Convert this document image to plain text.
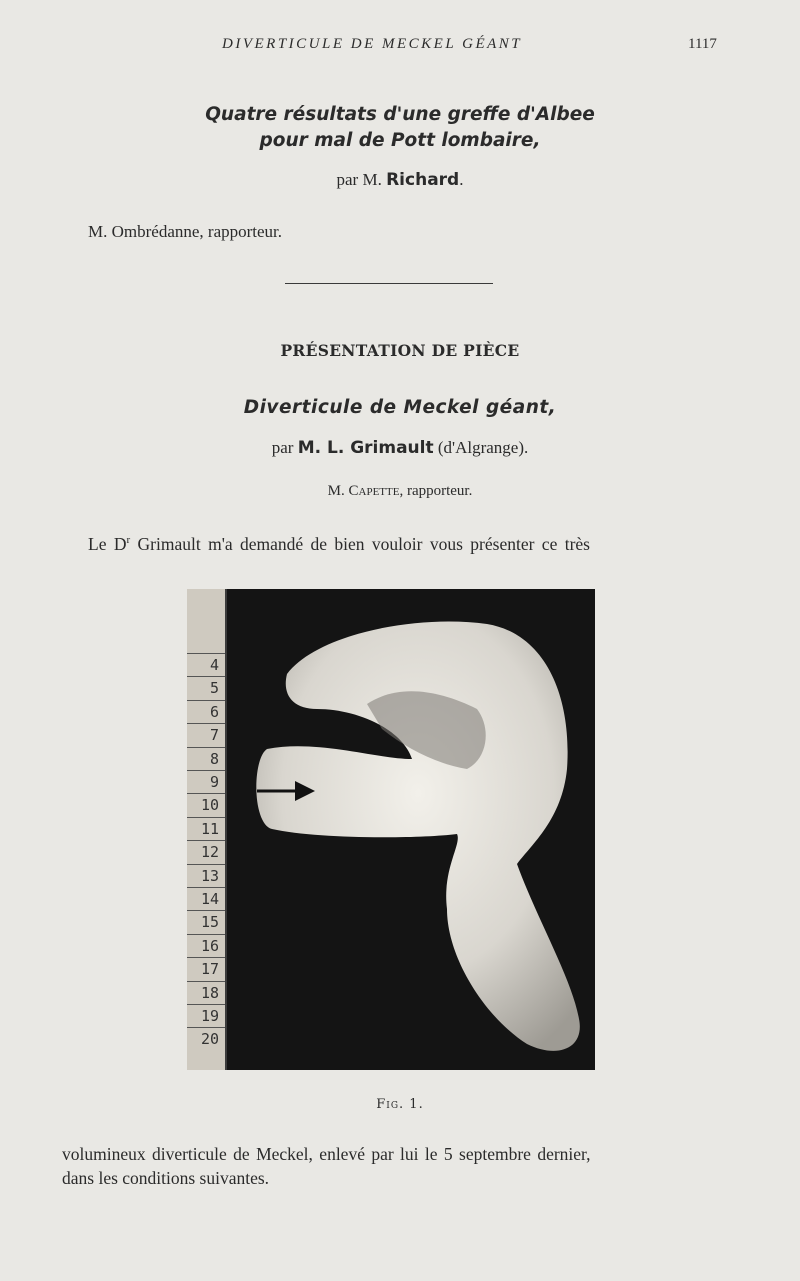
DIVERTICULE DE MECKEL GÉANT	1117
Quatre résultats d'une greffe d'Albee
pour mal de Pott lombaire,
par M. Richard.
M. Ombrédanne, rapporteur.
PRÉSENTATION DE PIÈCE
Diverticule de Meckel géant,
par M. L. Grimault (d'Algrange).
M. Capette, rapporteur.
Le $D^r$ Grimault m'a demandé de bien vouloir vous présenter ce très
4
5
6
7
8
9
10
11
12
13
14
15
16
17
18
19
20
Fig. 1.
volumineux diverticule de Meckel, enlevé par lui le 5 septembre dernier,
dans les conditions suivantes.
